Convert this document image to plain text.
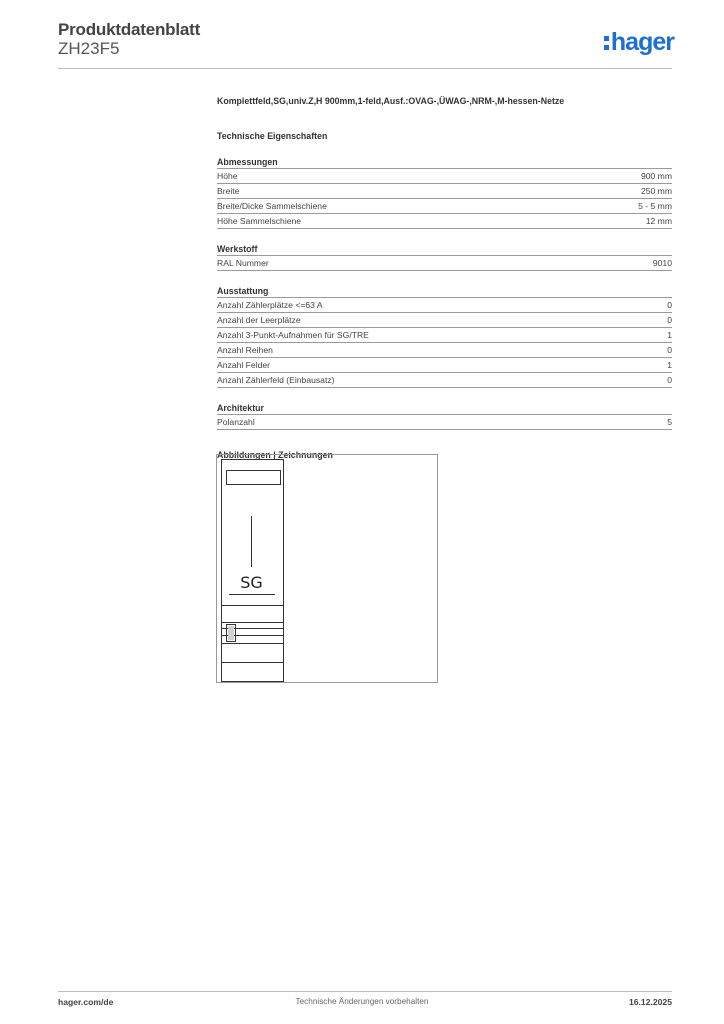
Produktdatenblatt
ZH23F5	hager

Komplettfeld,SG,univ.Z,H 900mm,1-feld,Ausf.:OVAG-,ÜWAG-,NRM-,M-hessen-Netze

Technische Eigenschaften
Abmessungen
Höhe	900 mm
Breite	250 mm
Breite/Dicke Sammelschiene	5 - 5 mm
Höhe Sammelschiene	12 mm
Werkstoff
RAL Nummer	9010
Ausstattung
Anzahl Zählerplätze <=63 A	0
Anzahl der Leerplätze	0
Anzahl 3-Punkt-Aufnahmen für SG/TRE	1
Anzahl Reihen	0
Anzahl Felder	1
Anzahl Zählerfeld (Einbausatz)	0
Architektur
Polanzahl	5
Abbildungen | Zeichnungen
SG
hager.com/de	Technische Änderungen vorbehalten	16.12.2025
